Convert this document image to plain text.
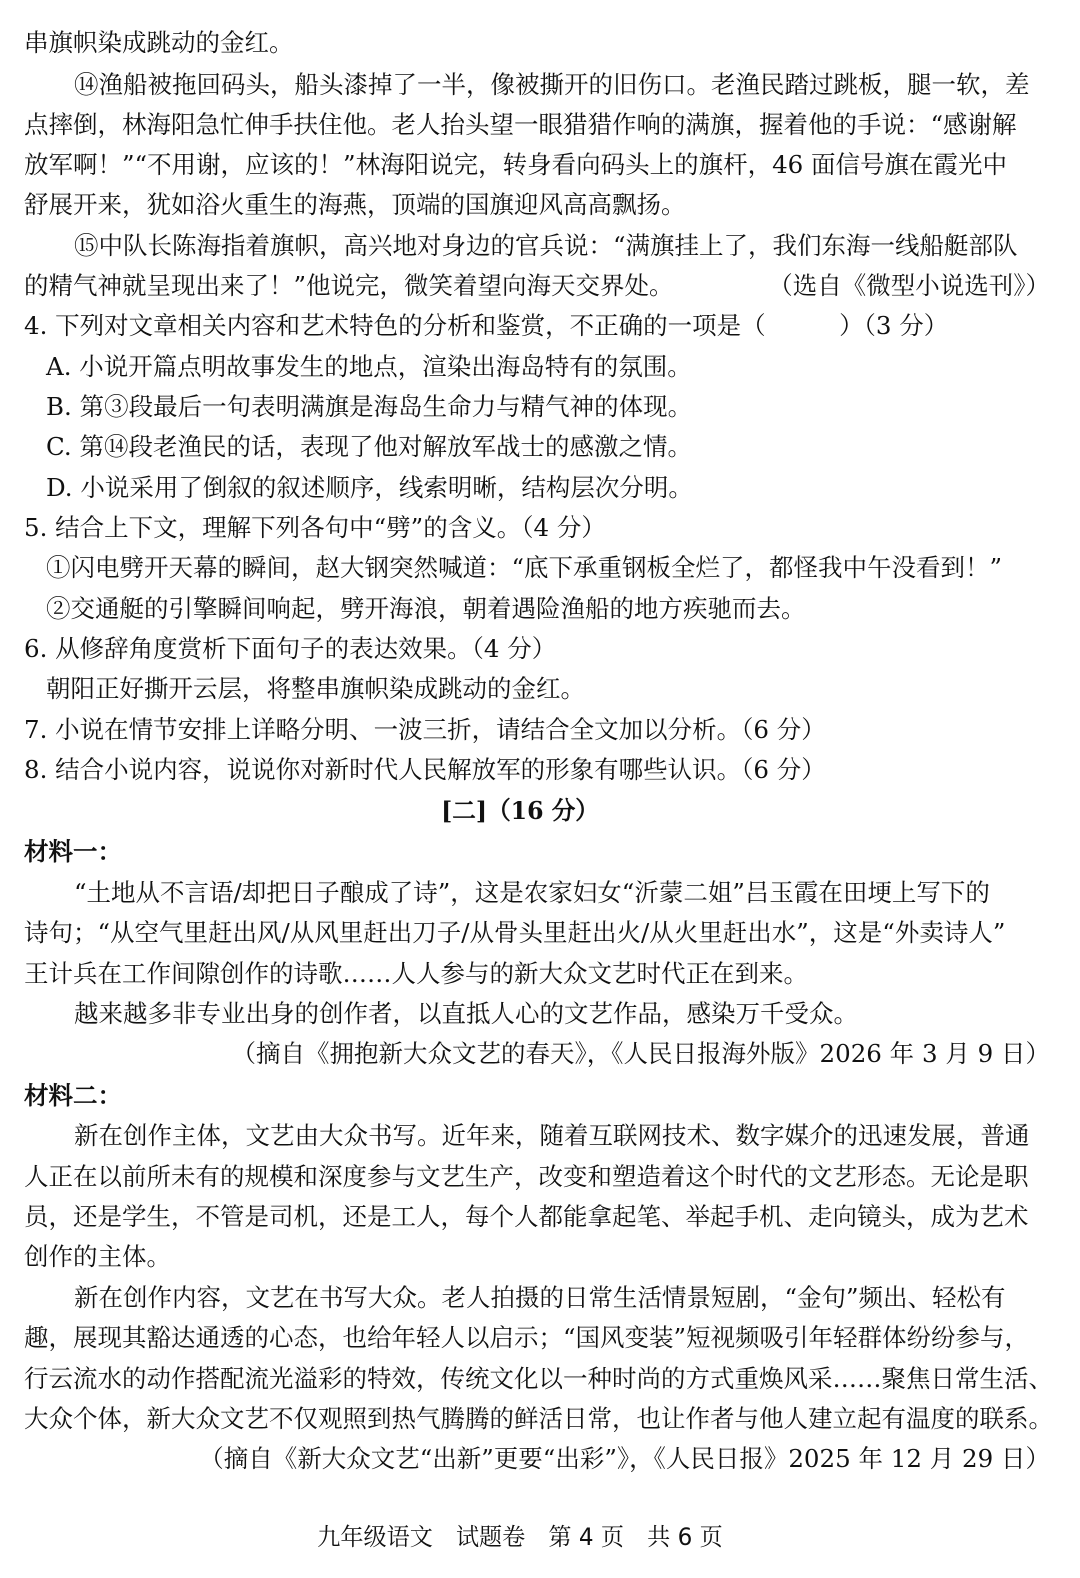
串旗帜染成跳动的金红。
⑭渔船被拖回码头，船头漆掉了一半，像被撕开的旧伤口。老渔民踏过跳板，腿一软，差
点摔倒，林海阳急忙伸手扶住他。老人抬头望一眼猎猎作响的满旗，握着他的手说：“感谢解
放军啊！”“不用谢，应该的！”林海阳说完，转身看向码头上的旗杆，46 面信号旗在霞光中
舒展开来，犹如浴火重生的海燕，顶端的国旗迎风高高飘扬。
⑮中队长陈海指着旗帜，高兴地对身边的官兵说：“满旗挂上了，我们东海一线船艇部队
的精气神就呈现出来了！”他说完，微笑着望向海天交界处。	（选自《微型小说选刊》）
4. 下列对文章相关内容和艺术特色的分析和鉴赏，不正确的一项是（　　　）（3 分）
A. 小说开篇点明故事发生的地点，渲染出海岛特有的氛围。
B. 第③段最后一句表明满旗是海岛生命力与精气神的体现。
C. 第⑭段老渔民的话，表现了他对解放军战士的感激之情。
D. 小说采用了倒叙的叙述顺序，线索明晰，结构层次分明。
5. 结合上下文，理解下列各句中“劈”的含义。（4 分）
①闪电劈开天幕的瞬间，赵大钢突然喊道：“底下承重钢板全烂了，都怪我中午没看到！”
②交通艇的引擎瞬间响起，劈开海浪，朝着遇险渔船的地方疾驰而去。
6. 从修辞角度赏析下面句子的表达效果。（4 分）
朝阳正好撕开云层，将整串旗帜染成跳动的金红。
7. 小说在情节安排上详略分明、一波三折，请结合全文加以分析。（6 分）
8. 结合小说内容，说说你对新时代人民解放军的形象有哪些认识。（6 分）
[二]（16 分）
材料一：
“土地从不言语/却把日子酿成了诗”，这是农家妇女“沂蒙二姐”吕玉霞在田埂上写下的
诗句；“从空气里赶出风/从风里赶出刀子/从骨头里赶出火/从火里赶出水”，这是“外卖诗人”
王计兵在工作间隙创作的诗歌……人人参与的新大众文艺时代正在到来。
越来越多非专业出身的创作者，以直抵人心的文艺作品，感染万千受众。
（摘自《拥抱新大众文艺的春天》，《人民日报海外版》2026 年 3 月 9 日）
材料二：
新在创作主体，文艺由大众书写。近年来，随着互联网技术、数字媒介的迅速发展，普通
人正在以前所未有的规模和深度参与文艺生产，改变和塑造着这个时代的文艺形态。无论是职
员，还是学生，不管是司机，还是工人，每个人都能拿起笔、举起手机、走向镜头，成为艺术
创作的主体。
新在创作内容，文艺在书写大众。老人拍摄的日常生活情景短剧，“金句”频出、轻松有
趣，展现其豁达通透的心态，也给年轻人以启示；“国风变装”短视频吸引年轻群体纷纷参与，
行云流水的动作搭配流光溢彩的特效，传统文化以一种时尚的方式重焕风采……聚焦日常生活、
大众个体，新大众文艺不仅观照到热气腾腾的鲜活日常，也让作者与他人建立起有温度的联系。
（摘自《新大众文艺“出新”更要“出彩”》，《人民日报》2025 年 12 月 29 日）
九年级语文　试题卷　第 4 页　共 6 页
